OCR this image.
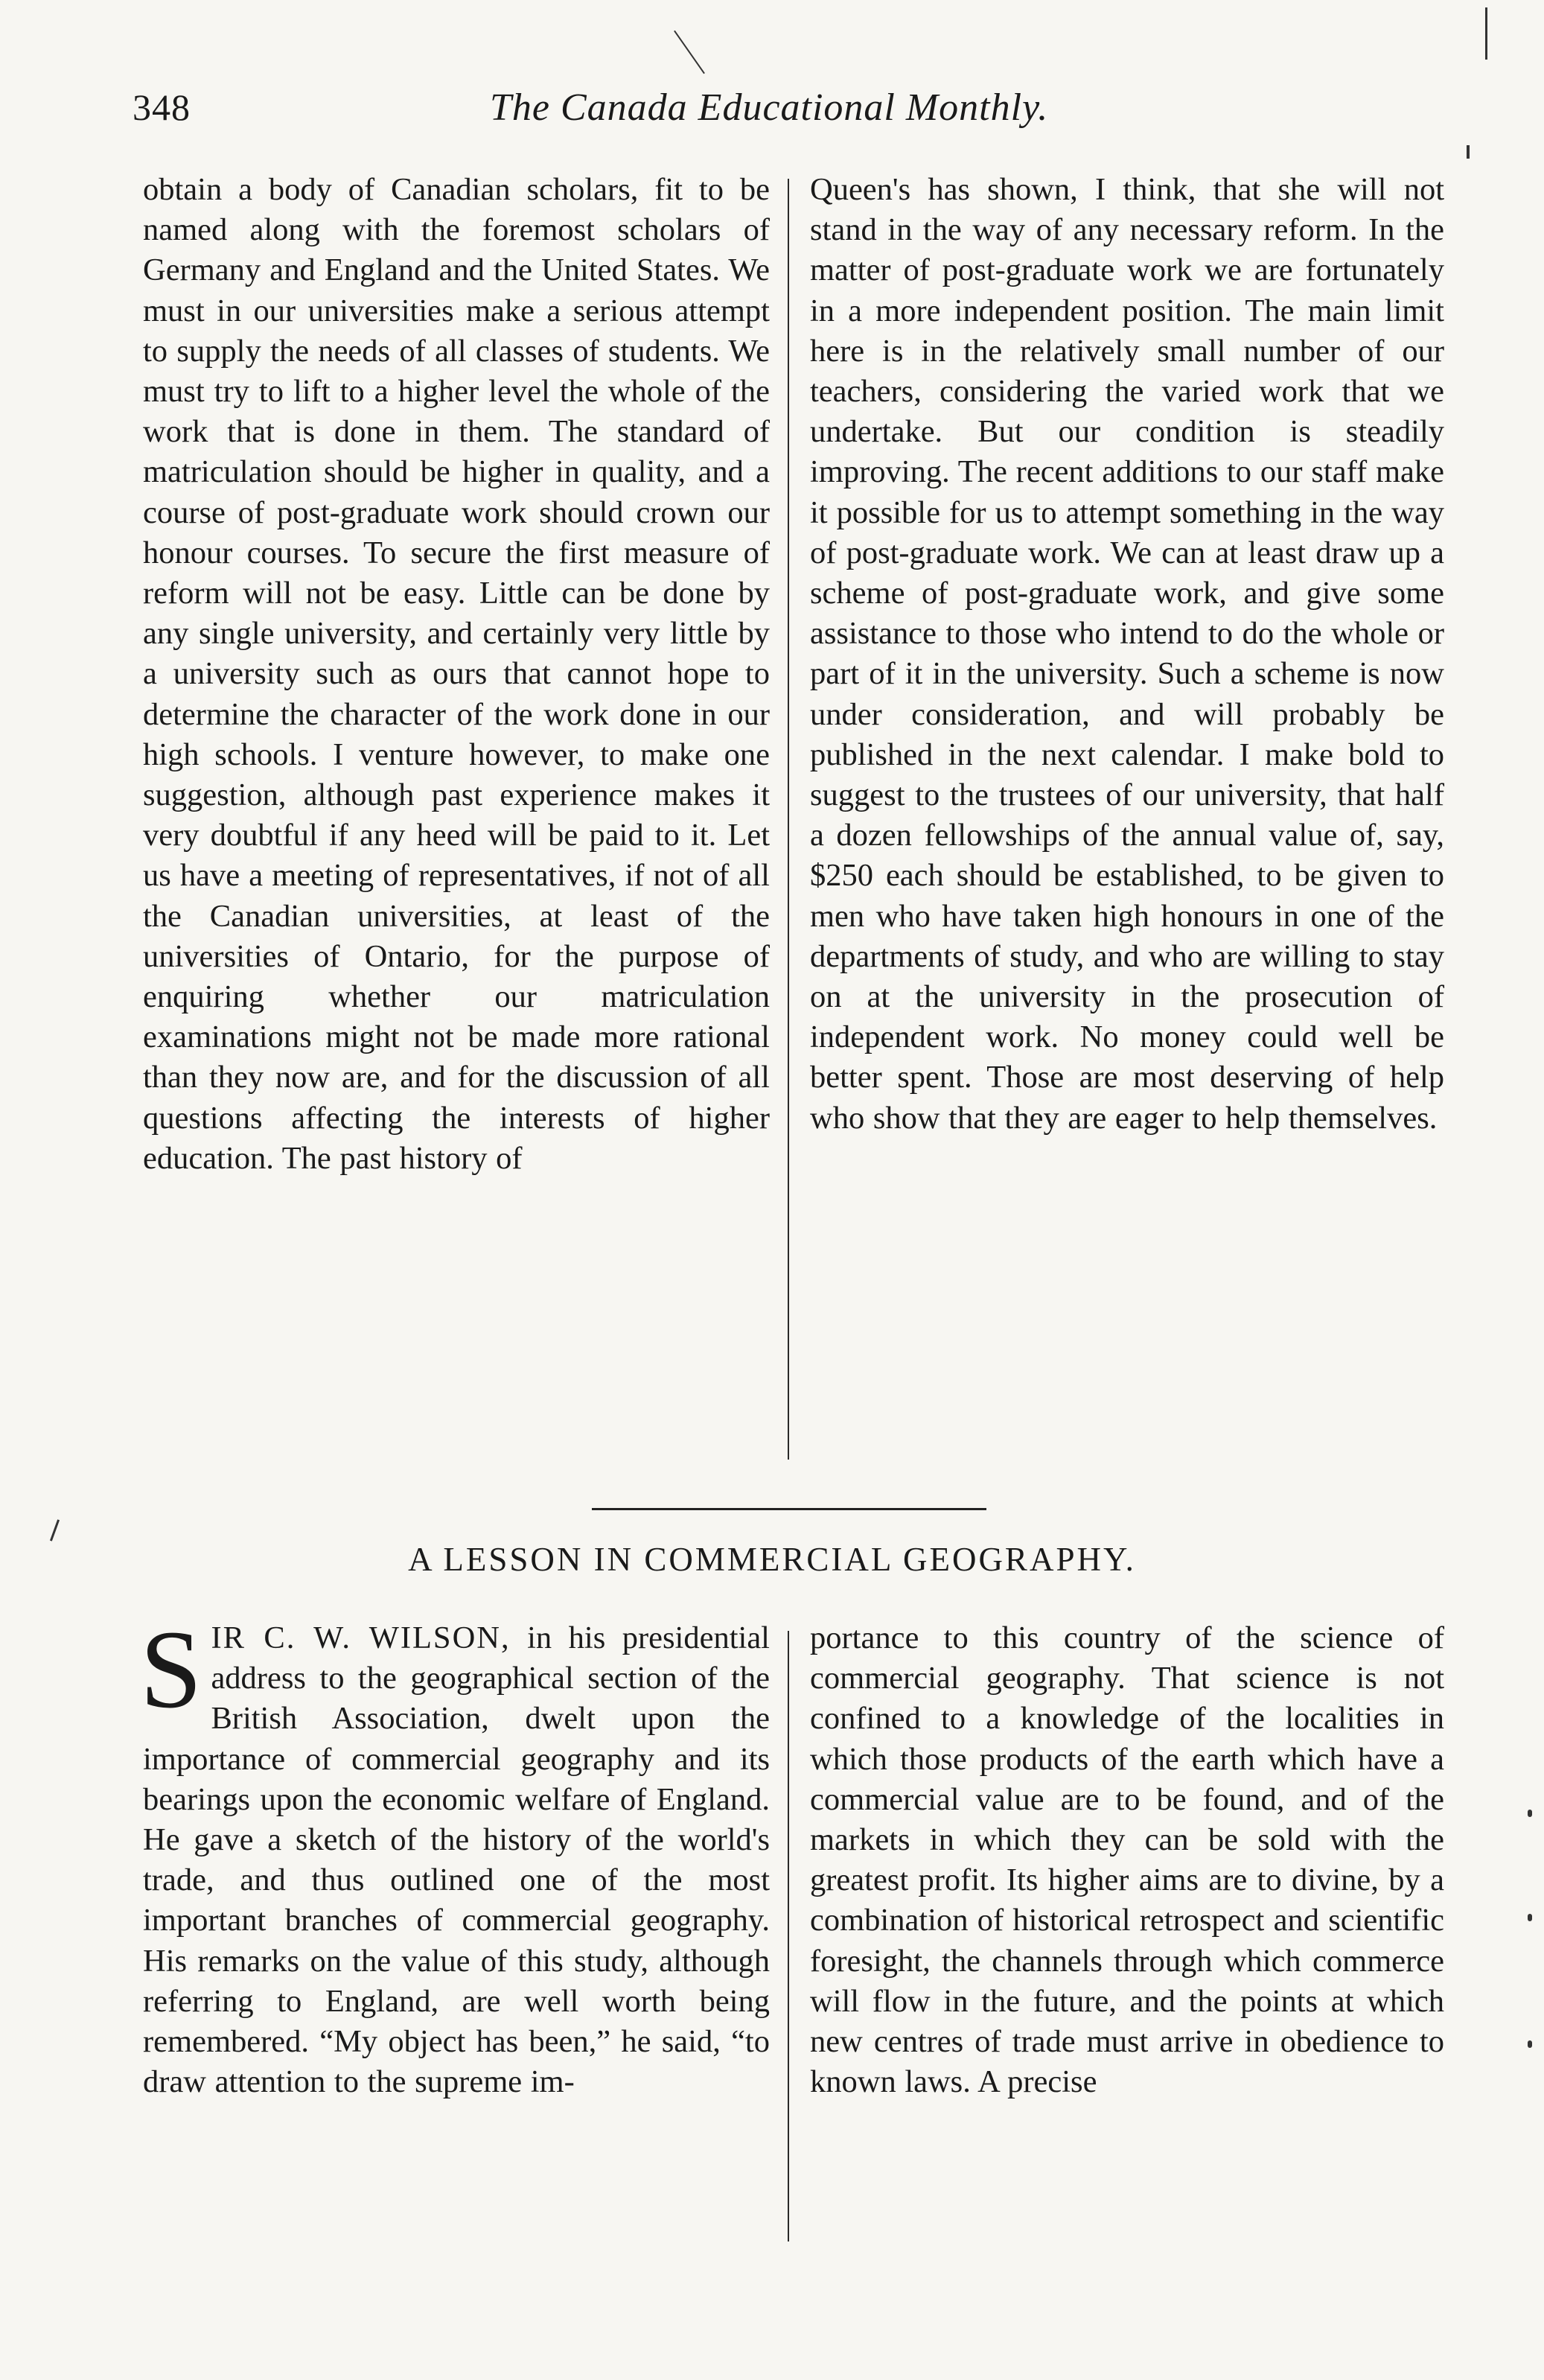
348	The Canada Educational Monthly.

obtain a body of Canadian scholars, fit to be named along with the foremost scholars of Germany and England and the United States. We must in our universities make a serious attempt to supply the needs of all classes of students. We must try to lift to a higher level the whole of the work that is done in them. The standard of matriculation should be higher in quality, and a course of post-graduate work should crown our honour courses. To secure the first measure of reform will not be easy. Little can be done by any single university, and certainly very little by a university such as ours that cannot hope to determine the character of the work done in our high schools. I venture however, to make one suggestion, although past experience makes it very doubtful if any heed will be paid to it. Let us have a meeting of representatives, if not of all the Canadian universities, at least of the universities of Ontario, for the purpose of enquiring whether our matriculation examinations might not be made more rational than they now are, and for the discussion of all questions affecting the interests of higher education. The past history of

Queen's has shown, I think, that she will not stand in the way of any necessary reform. In the matter of post-graduate work we are fortunately in a more independent position. The main limit here is in the relatively small number of our teachers, considering the varied work that we undertake. But our condition is steadily improving. The recent additions to our staff make it possible for us to attempt something in the way of post-graduate work. We can at least draw up a scheme of post-graduate work, and give some assistance to those who intend to do the whole or part of it in the university. Such a scheme is now under consideration, and will probably be published in the next calendar. I make bold to suggest to the trustees of our university, that half a dozen fellowships of the annual value of, say, $250 each should be established, to be given to men who have taken high honours in one of the departments of study, and who are willing to stay on at the university in the prosecution of independent work. No money could well be better spent. Those are most deserving of help who show that they are eager to help themselves.

A LESSON IN COMMERCIAL GEOGRAPHY.

SIR C. W. WILSON, in his presidential address to the geographical section of the British Association, dwelt upon the importance of commercial geography and its bearings upon the economic welfare of England. He gave a sketch of the history of the world's trade, and thus outlined one of the most important branches of commercial geography. His remarks on the value of this study, although referring to England, are well worth being remembered. “My object has been,” he said, “to draw attention to the supreme im-

portance to this country of the science of commercial geography. That science is not confined to a knowledge of the localities in which those products of the earth which have a commercial value are to be found, and of the markets in which they can be sold with the greatest profit. Its higher aims are to divine, by a combination of historical retrospect and scientific foresight, the channels through which commerce will flow in the future, and the points at which new centres of trade must arrive in obedience to known laws. A precise
